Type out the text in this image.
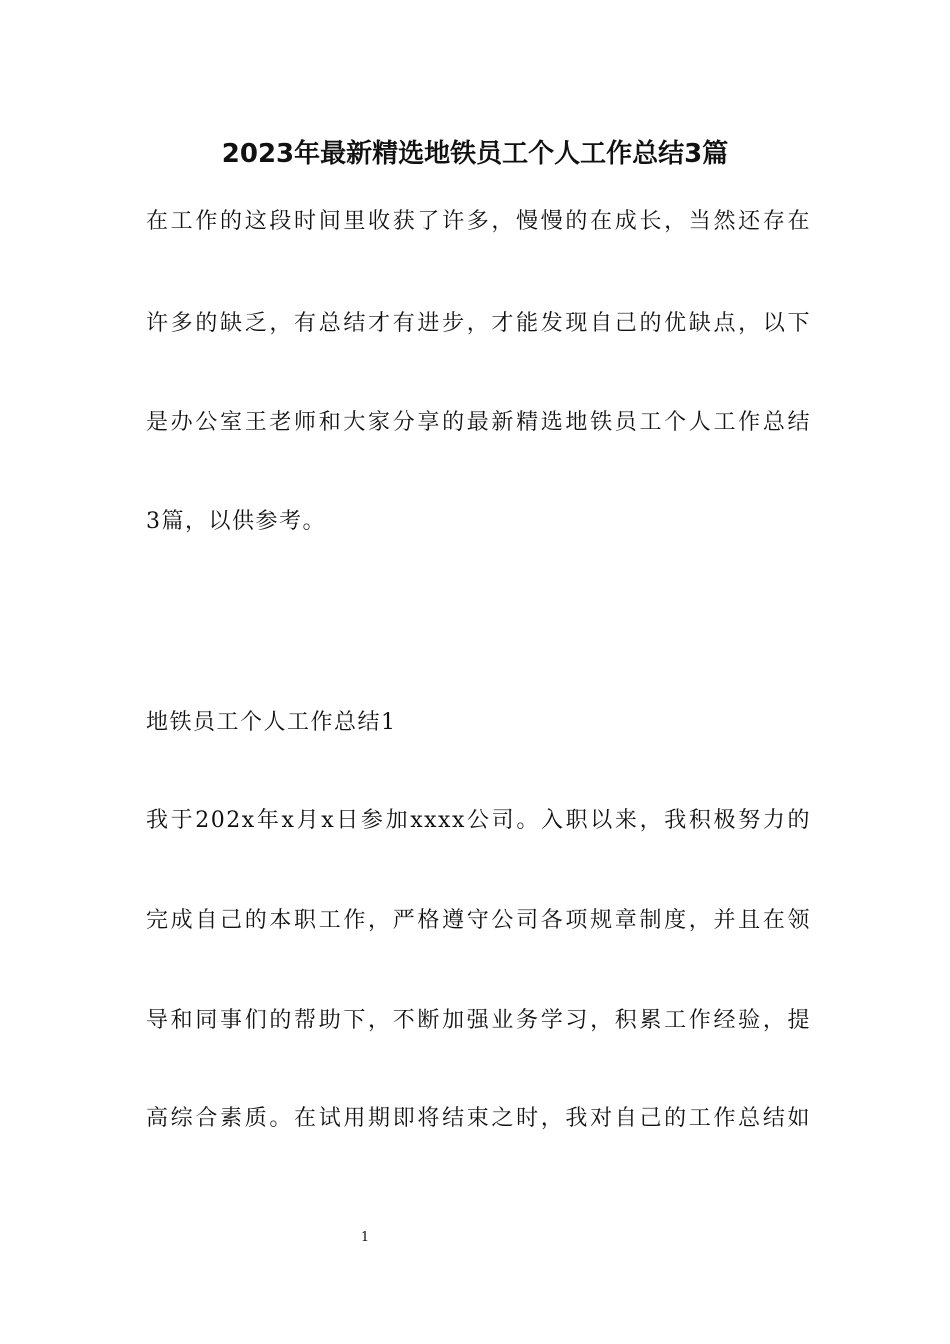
2023年最新精选地铁员工个人工作总结3篇
在工作的这段时间里收获了许多，慢慢的在成长，当然还存在
许多的缺乏，有总结才有进步，才能发现自己的优缺点，以下
是办公室王老师和大家分享的最新精选地铁员工个人工作总结
3篇，以供参考。
地铁员工个人工作总结1
我于202x年x月x日参加xxxx公司。入职以来，我积极努力的
完成自己的本职工作，严格遵守公司各项规章制度，并且在领
导和同事们的帮助下，不断加强业务学习，积累工作经验，提
高综合素质。在试用期即将结束之时，我对自己的工作总结如
1
